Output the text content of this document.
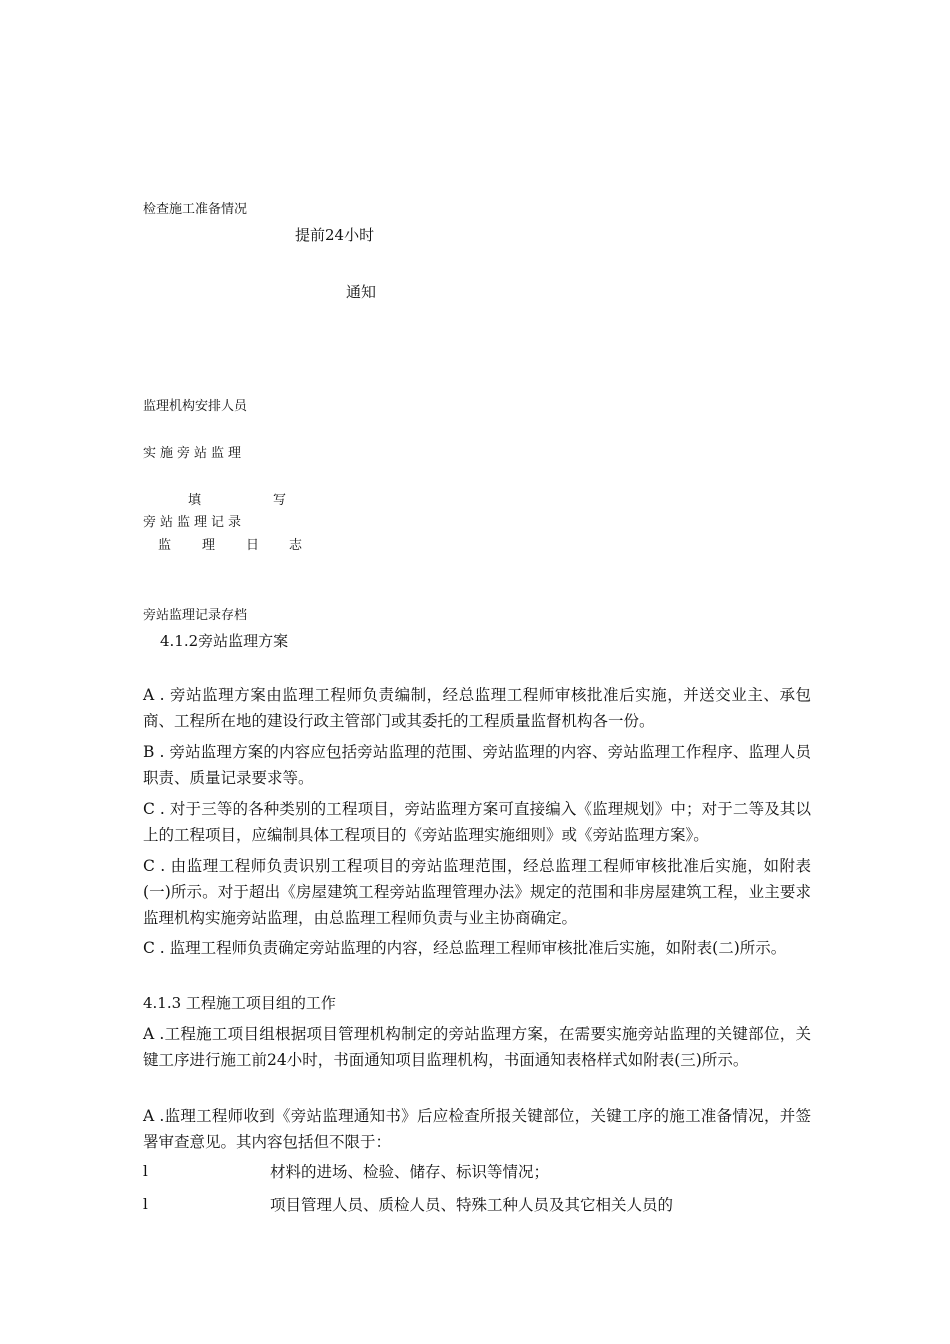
检查施工准备情况
提前24小时
通知
监理机构安排人员
实施旁站监理
填	写
旁站监理记录
监 理 日 志
旁站监理记录存档
4.1.2旁站监理方案
A . 旁站监理方案由监理工程师负责编制，经总监理工程师审核批准后实施，并送交业主、承包商、工程所在地的建设行政主管部门或其委托的工程质量监督机构各一份。
B . 旁站监理方案的内容应包括旁站监理的范围、旁站监理的内容、旁站监理工作程序、监理人员职责、质量记录要求等。
C . 对于三等的各种类别的工程项目，旁站监理方案可直接编入《监理规划》中；对于二等及其以上的工程项目，应编制具体工程项目的《旁站监理实施细则》或《旁站监理方案》。
C . 由监理工程师负责识别工程项目的旁站监理范围，经总监理工程师审核批准后实施，如附表(一)所示。对于超出《房屋建筑工程旁站监理管理办法》规定的范围和非房屋建筑工程，业主要求监理机构实施旁站监理，由总监理工程师负责与业主协商确定。
C . 监理工程师负责确定旁站监理的内容，经总监理工程师审核批准后实施，如附表(二)所示。
4.1.3 工程施工项目组的工作
A .工程施工项目组根据项目管理机构制定的旁站监理方案，在需要实施旁站监理的关键部位，关键工序进行施工前24小时，书面通知项目监理机构，书面通知表格样式如附表(三)所示。
A .监理工程师收到《旁站监理通知书》后应检查所报关键部位，关键工序的施工准备情况，并签署审查意见。其内容包括但不限于：
l	材料的进场、检验、储存、标识等情况；
l	项目管理人员、质检人员、特殊工种人员及其它相关人员的
